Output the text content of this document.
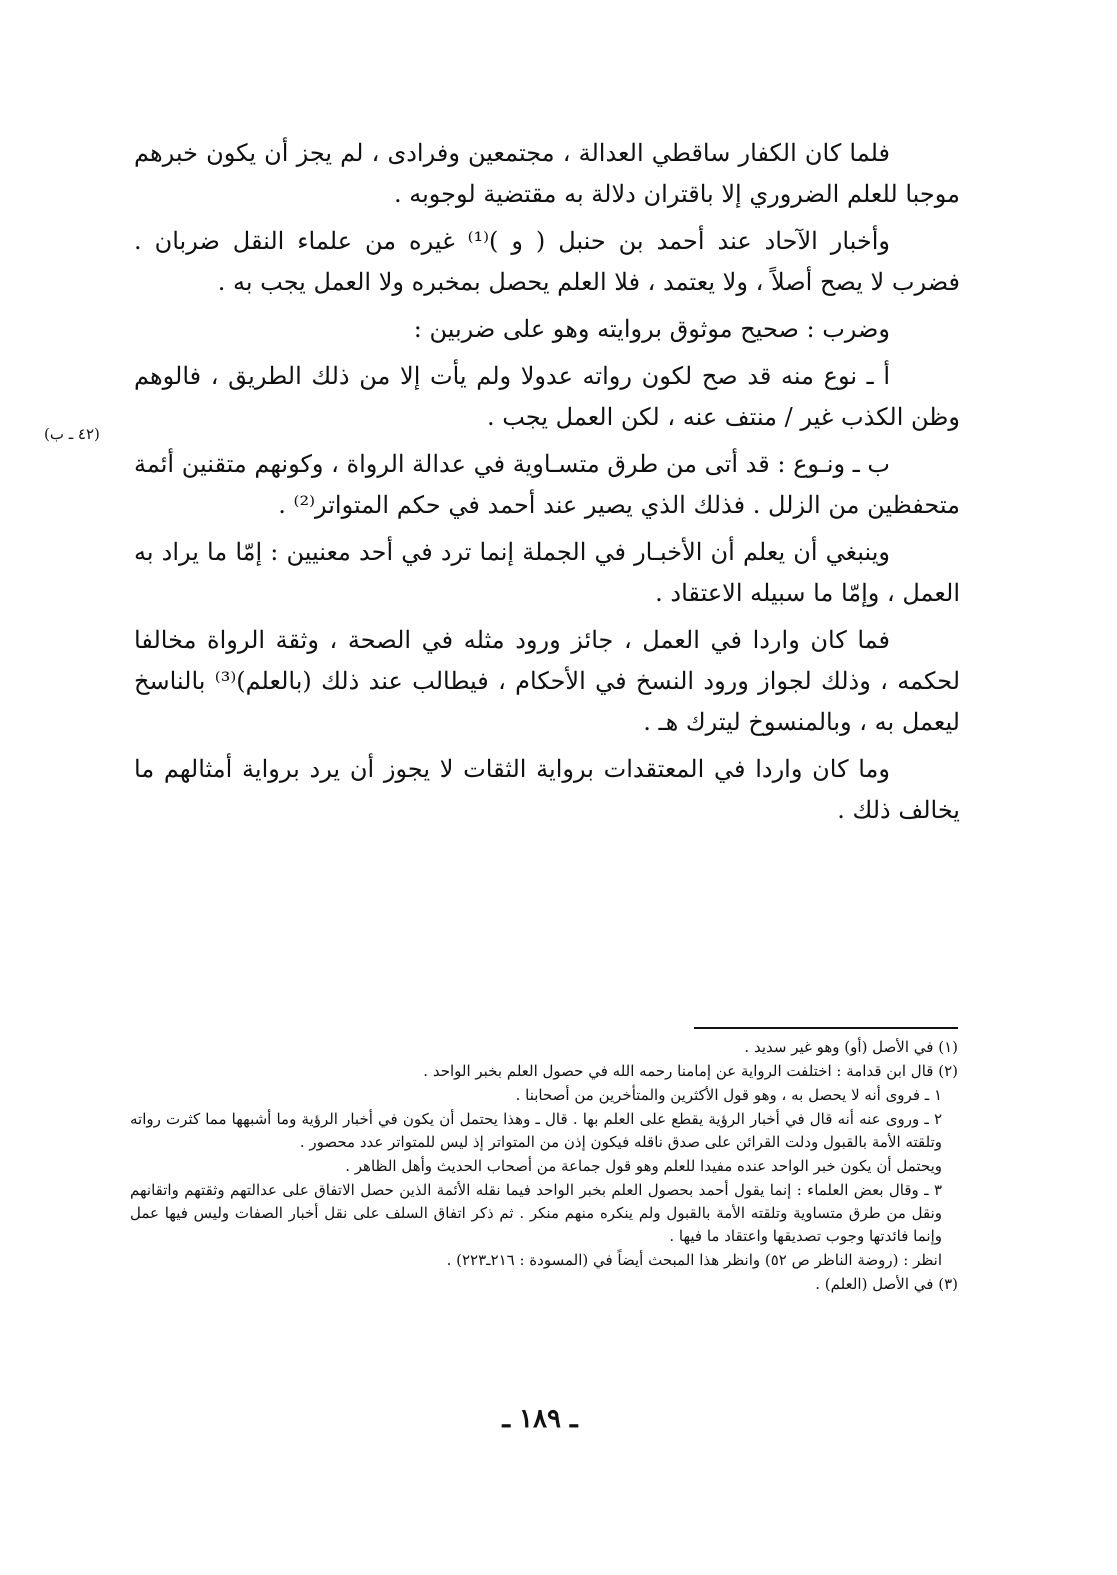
فلما كان الكفار ساقطي العدالة ، مجتمعين وفرادى ، لم يجز أن يكون خبرهم موجبا للعلم الضروري إلا باقتران دلالة به مقتضية لوجوبه .

وأخبار الآحاد عند أحمد بن حنبل ( و )⁽¹⁾ غيره من علماء النقل ضربان . فضرب لا يصح أصلاً ، ولا يعتمد ، فلا العلم يحصل بمخبره ولا العمل يجب به .

وضرب : صحيح موثوق بروايته وهو على ضربين :

أ ـ نوع منه قد صح لكون رواته عدولا ولم يأت إلا من ذلك الطريق ، فالوهم وظن الكذب غير / منتف عنه ، لكن العمل يجب .

ب ـ ونـوع : قد أتى من طرق متسـاوية في عدالة الرواة ، وكونهم متقنين أئمة متحفظين من الزلل . فذلك الذي يصير عند أحمد في حكم المتواتر⁽²⁾ .

وينبغي أن يعلم أن الأخبـار في الجملة إنما ترد في أحد معنيين : إمّا ما يراد به العمل ، وإمّا ما سبيله الاعتقاد .

فما كان واردا في العمل ، جائز ورود مثله في الصحة ، وثقة الرواة مخالفا لحكمه ، وذلك لجواز ورود النسخ في الأحكام ، فيطالب عند ذلك (بالعلم)⁽³⁾ بالناسخ ليعمل به ، وبالمنسوخ ليترك هـ .

وما كان واردا في المعتقدات برواية الثقات لا يجوز أن يرد برواية أمثالهم ما يخالف ذلك .

(٤٢ ـ ب)

(١) في الأصل (أو) وهو غير سديد .

(٢) قال ابن قدامة : اختلفت الرواية عن إمامنا رحمه الله في حصول العلم بخبر الواحد .

١ ـ فروى أنه لا يحصل به ، وهو قول الأكثرين والمتأخرين من أصحابنا .

٢ ـ وروى عنه أنه قال في أخبار الرؤية يقطع على العلم بها . قال ـ وهذا يحتمل أن يكون في أخبار الرؤية وما أشبهها مما كثرت رواته وتلقته الأمة بالقبول ودلت القرائن على صدق ناقله فيكون إذن من المتواتر إذ ليس للمتواتر عدد محصور .

ويحتمل أن يكون خبر الواحد عنده مفيدا للعلم وهو قول جماعة من أصحاب الحديث وأهل الظاهر .

٣ ـ وقال بعض العلماء : إنما يقول أحمد بحصول العلم بخبر الواحد فيما نقله الأئمة الذين حصل الاتفاق على عدالتهم وثقتهم واتقانهم ونقل من طرق متساوية وتلقته الأمة بالقبول ولم ينكره منهم منكر . ثم ذكر اتفاق السلف على نقل أخبار الصفات وليس فيها عمل وإنما فائدتها وجوب تصديقها واعتقاد ما فيها .

انظر : (روضة الناظر ص ٥٢) وانظر هذا المبحث أيضاً في (المسودة : ٢١٦ـ٢٢٣) .

(٣) في الأصل (العلم) .

ـ ١٨٩ ـ
